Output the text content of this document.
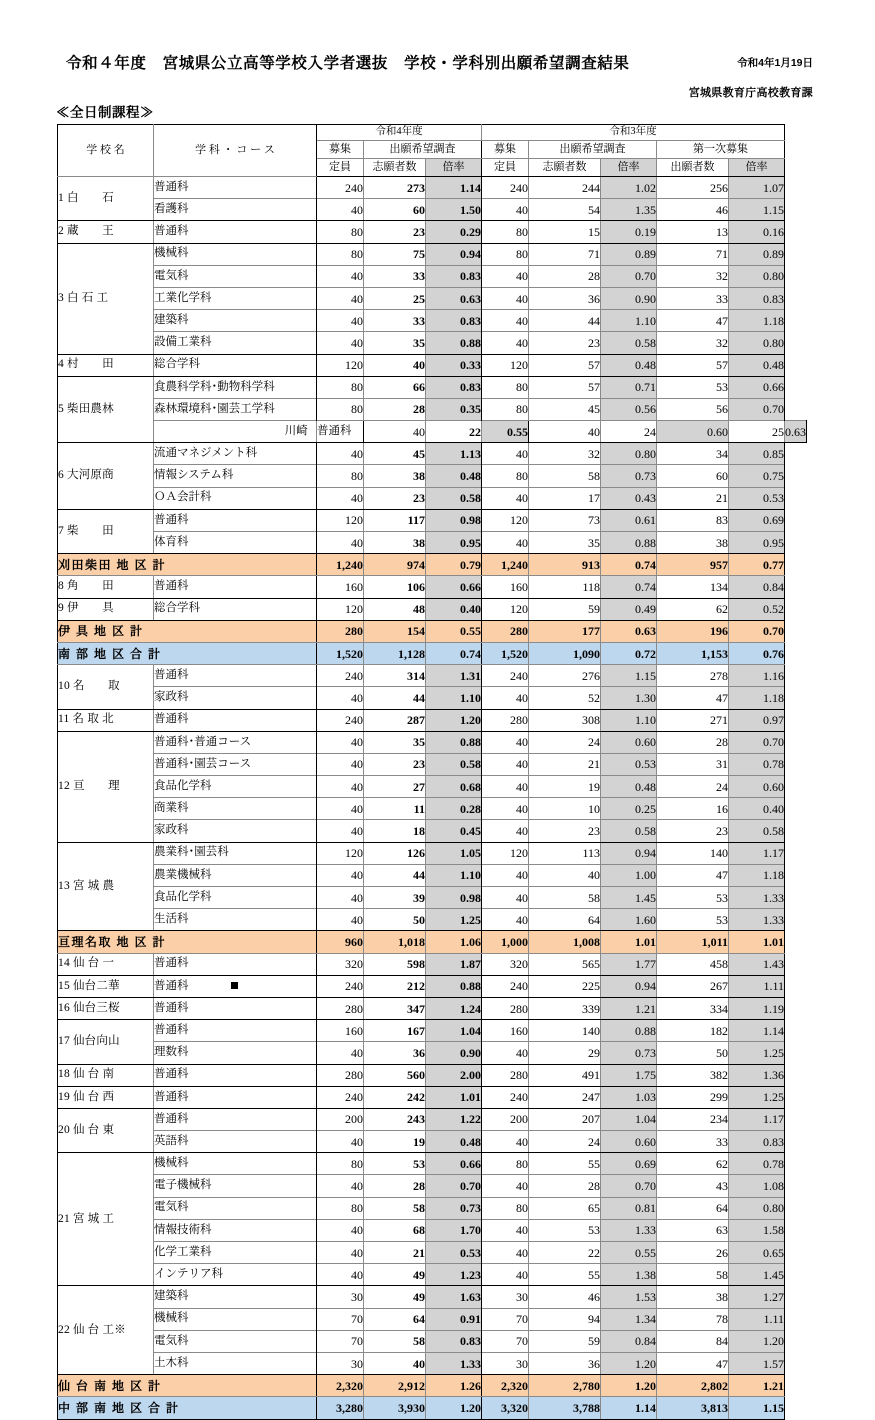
令和４年度　宮城県公立高等学校入学者選抜　学校・学科別出願希望調査結果	令和4年1月19日
宮城県教育庁高校教育課
≪全日制課程≫
学 校 名	学 科 ・ コ ー ス	令和4年度			令和3年度					
		募集	出願希望調査		募集	出願希望調査		第一次募集		
		定員	志願者数	倍率	定員	志願者数	倍率	出願者数	倍率	
1 白　　石	普通科	240	273	1.14	240	244	1.02	256	1.07	
	看護科	40	60	1.50	40	54	1.35	46	1.15	
2 蔵　　王	普通科	80	23	0.29	80	15	0.19	13	0.16	
3 白 石 工	機械科	80	75	0.94	80	71	0.89	71	0.89	
	電気科	40	33	0.83	40	28	0.70	32	0.80	
	工業化学科	40	25	0.63	40	36	0.90	33	0.83	
	建築科	40	33	0.83	40	44	1.10	47	1.18	
	設備工業科	40	35	0.88	40	23	0.58	32	0.80	
4 村　　田	総合学科	120	40	0.33	120	57	0.48	57	0.48	
5 柴田農林	食農科学科･動物科学科	80	66	0.83	80	57	0.71	53	0.66	
	森林環境科･園芸工学科	80	28	0.35	80	45	0.56	56	0.70	
	川崎	普通科	40	22	0.55	40	24	0.60	25	0.63
6 大河原商	流通マネジメント科	40	45	1.13	40	32	0.80	34	0.85	
	情報システム科	80	38	0.48	80	58	0.73	60	0.75	
	ＯＡ会計科	40	23	0.58	40	17	0.43	21	0.53	
7 柴　　田	普通科	120	117	0.98	120	73	0.61	83	0.69	
	体育科	40	38	0.95	40	35	0.88	38	0.95	
刈田柴田 地 区 計		1,240	974	0.79	1,240	913	0.74	957	0.77	
8 角　　田	普通科	160	106	0.66	160	118	0.74	134	0.84	
9 伊　　具	総合学科	120	48	0.40	120	59	0.49	62	0.52	
伊 具 地 区 計		280	154	0.55	280	177	0.63	196	0.70	
南 部 地 区 合 計		1,520	1,128	0.74	1,520	1,090	0.72	1,153	0.76	
10 名　　取	普通科	240	314	1.31	240	276	1.15	278	1.16	
	家政科	40	44	1.10	40	52	1.30	47	1.18	
11 名 取 北	普通科	240	287	1.20	280	308	1.10	271	0.97	
12 亘　　理	普通科･普通コース	40	35	0.88	40	24	0.60	28	0.70	
	普通科･園芸コース	40	23	0.58	40	21	0.53	31	0.78	
	食品化学科	40	27	0.68	40	19	0.48	24	0.60	
	商業科	40	11	0.28	40	10	0.25	16	0.40	
	家政科	40	18	0.45	40	23	0.58	23	0.58	
13 宮 城 農	農業科･園芸科	120	126	1.05	120	113	0.94	140	1.17	
	農業機械科	40	44	1.10	40	40	1.00	47	1.18	
	食品化学科	40	39	0.98	40	58	1.45	53	1.33	
	生活科	40	50	1.25	40	64	1.60	53	1.33	
亘理名取 地 区 計		960	1,018	1.06	1,000	1,008	1.01	1,011	1.01	
14 仙 台 一	普通科	320	598	1.87	320	565	1.77	458	1.43	
15 仙台二華	普通科	240	212	0.88	240	225	0.94	267	1.11	
16 仙台三桜	普通科	280	347	1.24	280	339	1.21	334	1.19	
17 仙台向山	普通科	160	167	1.04	160	140	0.88	182	1.14	
	理数科	40	36	0.90	40	29	0.73	50	1.25	
18 仙 台 南	普通科	280	560	2.00	280	491	1.75	382	1.36	
19 仙 台 西	普通科	240	242	1.01	240	247	1.03	299	1.25	
20 仙 台 東	普通科	200	243	1.22	200	207	1.04	234	1.17	
	英語科	40	19	0.48	40	24	0.60	33	0.83	
21 宮 城 工	機械科	80	53	0.66	80	55	0.69	62	0.78	
	電子機械科	40	28	0.70	40	28	0.70	43	1.08	
	電気科	80	58	0.73	80	65	0.81	64	0.80	
	情報技術科	40	68	1.70	40	53	1.33	63	1.58	
	化学工業科	40	21	0.53	40	22	0.55	26	0.65	
	インテリア科	40	49	1.23	40	55	1.38	58	1.45	
22 仙 台 工※	建築科	30	49	1.63	30	46	1.53	38	1.27	
	機械科	70	64	0.91	70	94	1.34	78	1.11	
	電気科	70	58	0.83	70	59	0.84	84	1.20	
	土木科	30	40	1.33	30	36	1.20	47	1.57	
仙 台 南 地 区 計		2,320	2,912	1.26	2,320	2,780	1.20	2,802	1.21	
中 部 南 地 区 合 計		3,280	3,930	1.20	3,320	3,788	1.14	3,813	1.15	
